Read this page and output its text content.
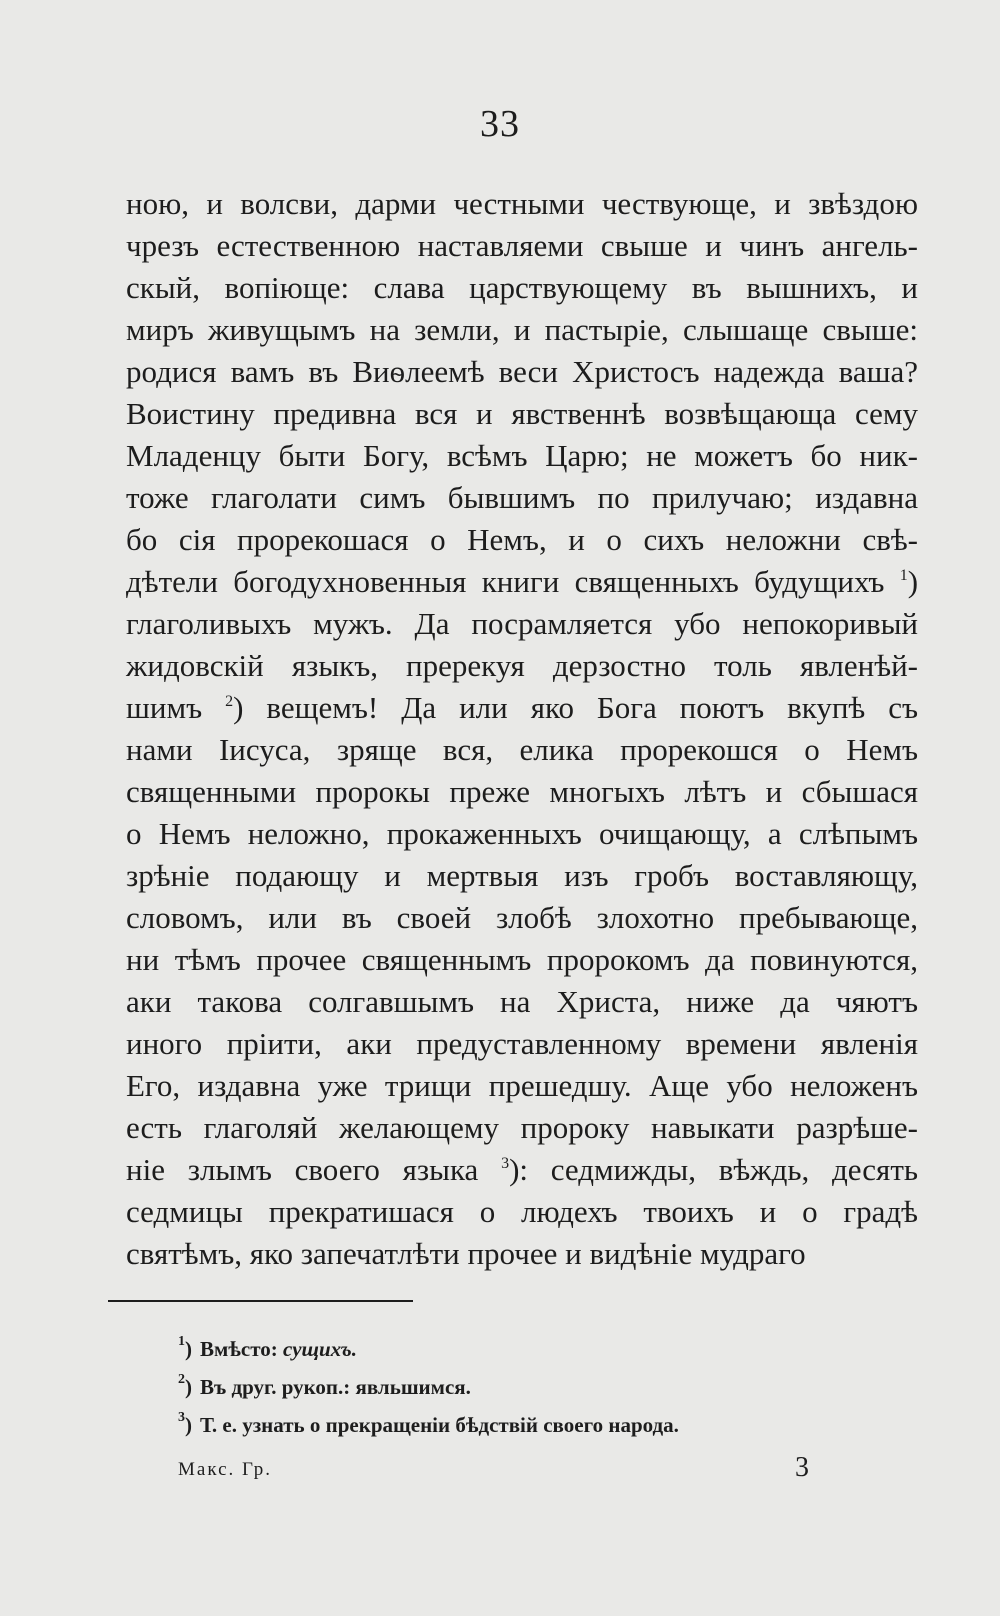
33
ною, и волсви, дарми честными чествующе, и звѣздою
чрезъ естественною наставляеми свыше и чинъ ангель-
скый, вопіюще: слава царствующему въ вышнихъ, и
миръ живущымъ на земли, и пастыріе, слышаще свыше:
родися вамъ въ Виѳлеемѣ веси Христосъ надежда ваша?
Воистину предивна вся и явственнѣ возвѣщающа сему
Младенцу быти Богу, всѣмъ Царю; не можетъ бо ник-
тоже глаголати симъ бывшимъ по прилучаю; издавна
бо сія прорекошася о Немъ, и о сихъ неложни свѣ-
дѣтели богодухновенныя книги священныхъ будущихъ $^1$)
глаголивыхъ мужъ. Да посрамляется убо непокоривый
жидовскій языкъ, пререкуя дерзостно толь явленѣй-
шимъ $^2$) вещемъ! Да или яко Бога поютъ вкупѣ съ
нами Іисуса, зряще вся, елика прорекошся о Немъ
священными пророкы преже многыхъ лѣтъ и сбышася
о Немъ неложно, прокаженныхъ очищающу, а слѣпымъ
зрѣніе подающу и мертвыя изъ гробъ воставляющу,
словомъ, или въ своей злобѣ злохотно пребывающе,
ни тѣмъ прочее священнымъ пророкомъ да повинуются,
аки такова солгавшымъ на Христа, ниже да чяютъ
иного пріити, аки предуставленному времени явленія
Его, издавна уже трищи прешедшу. Аще убо неложенъ
есть глаголяй желающему пророку навыкати разрѣше-
ніе злымъ своего языка $^3$): седмижды, вѣждь, десять
седмицы прекратишася о людехъ твоихъ и о градѣ
святѣмъ, яко запечатлѣти прочее и видѣніе мудраго
$^1$) Вмѣсто: сущихъ.
$^2$) Въ друг. рукоп.: явльшимся.
$^3$) Т. е. узнать о прекращеніи бѣдствій своего народа.
Макс. Гр.	3
